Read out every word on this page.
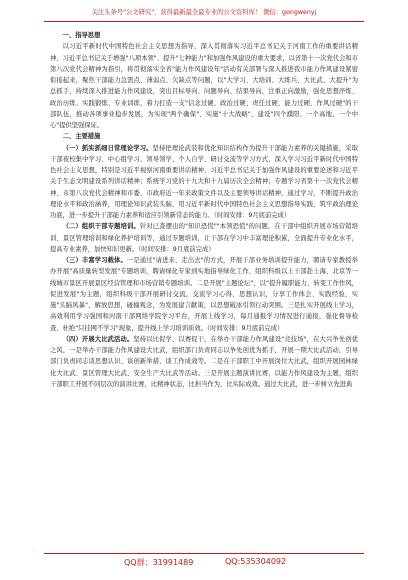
关注头条号"公文研究"，获得最新最全最专业的公文资料库！ 微信：gongwenyj

一、指导思想

以习近平新时代中国特色社会主义思想为指导，深入贯彻落实习近平总书记关于河南工作的重要讲话精神、习近平总书记关于增强"八项本领"、提升"七种能力"和加强作风建设的重大要求，以省第十一次党代会和市第八次党代会精神为指引，将贯彻落实全省"能力作风建设年"活动有关部署与深入推进我市能力作风建设紧密衔接起来，聚焦干部能力急需点、薄弱点、欠缺点等问题，以"大学习、大培训、大练兵、大比武、大提升"为总抓手，持续深入推进能力作风建设，突出目标导向、问题导向、结果导向，注重正向激励，强化思想淬炼、政治历练、实践锻炼、专业训练，着力打造一支"信念过硬、政治过硬、责任过硬、能力过硬、作风过硬"的干部队伍，推动各项事业稳步发展，为实现"两个确保"、实施"十大战略"、建设"四个濮阳、一个高地、一个中心"提供坚强保证。

二、主要措施

（一）抓实抓细日常理论学习。坚持把理论武装和优化知识结构作为提升干部能力素养的关键措施，采取干部夜校集中学习、中心组学习、领导领学、个人自学、研讨交流等学习方式，深入学习习近平新时代中国特色社会主义思想，特别是习近平视察河南重要讲话精神、习近平总书记关于加强作风建设的重要论述和习近平关于生态文明建设系列讲话精神；系统学习党的十九大和十九届历次全会精神；专题学习省第十一次党代会精神、市第八次党代会精神和市委、市政府近一年来政策文件以及主要领导讲话精神，通过学习，不断提升政治理论水平和政治涵养，用理论知识武装头脑，用习近平新时代中国特色社会主义思想指导实践，筑牢政治理论功底，进一步提升干部能力素养和适应引领新常态的能力。（时间安排：9月底前完成）

（二）组织干部专题培训。针对已查摆出的"知识恐慌""本领恐慌"的问题，在干部中组织开展市场营销培训、景区管理培训和绿化养护培训等，通过专题培训，让干部在学习中丰富理论积累，全面提升专业化水平，提高专业素养，加快知识更新。（时间安排：9月底前完成）

（三）丰富学习载体。一是通过"请进来、走出去"的方式，开展干部业务培训提升能力，聘请专家教授举办开展"高质量转型发展"专题培训，聘请绿化专家到实地指导绿化工作，组织科级以上干部赴上海、北京等一线城市景区开展景区经营管理和市场营销专题培训。二是开展"主题论坛"，以"提升履职能力，转变工作作风，促进发展"为主题，组织科级干部开展研讨交流，交流学习心得、思想认识，分享工作体会、实践经验，实施"头脑风暴"，解放思想，碰撞观念，为发展建言献策，以思想破冰引领行动突围。三是扎实开展线上学习，高效利用学习强国和河南干部网络学院学习平台，开展上线学习，每月通报学习情况进行通报，强化督导检查，杜绝"只挂网不学习"现象，提升线上学习培训质效。（时间安排：9月底前完成）

（四）开展大比武活动。坚持以比促学、以赛促干，在举办干部能力作风建设"竞技场"，在大兴争先创优之风，一是举办干部能力作风建设大比武，组织部门负责同志以争先创优为抓手，开展一期大比武活动，引导部门负责同志谈思想认识、谈创新举措、谈工作成效等。二是在干部职工中开展岗位大比武，组织开展园林绿化大比武、景区管理大比武、安全生产大比武等活动。三是开展主题演讲比赛，以能力作风建设为主题，组织干部职工开展不同层次的演讲比赛，比精神状态，比担当作为，比实际成效。通过大比武，进一步树立先进典

QQ群：31991489	QQ:535304092
